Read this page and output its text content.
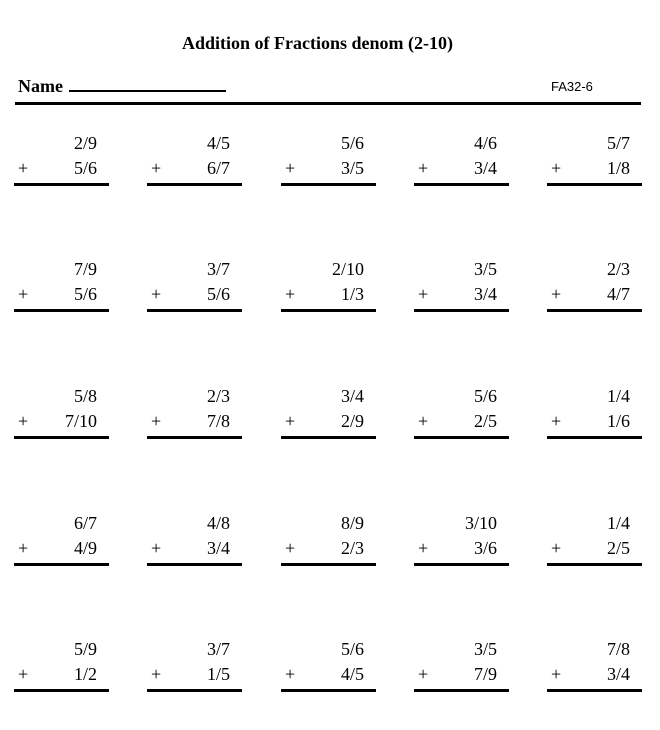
Addition of Fractions denom (2-10)
Name	FA32-6
2/9
+	5/6
4/5
+	6/7
5/6
+	3/5
4/6
+	3/4
5/7
+	1/8
7/9
+	5/6
3/7
+	5/6
2/10
+	1/3
3/5
+	3/4
2/3
+	4/7
5/8
+ 7/10
2/3
+	7/8
3/4
+	2/9
5/6
+	2/5
1/4
+	1/6
6/7
+	4/9
4/8
+	3/4
8/9
+	2/3
3/10
+	3/6
1/4
+	2/5
5/9
+	1/2
3/7
+	1/5
5/6
+	4/5
3/5
+	7/9
7/8
+	3/4
